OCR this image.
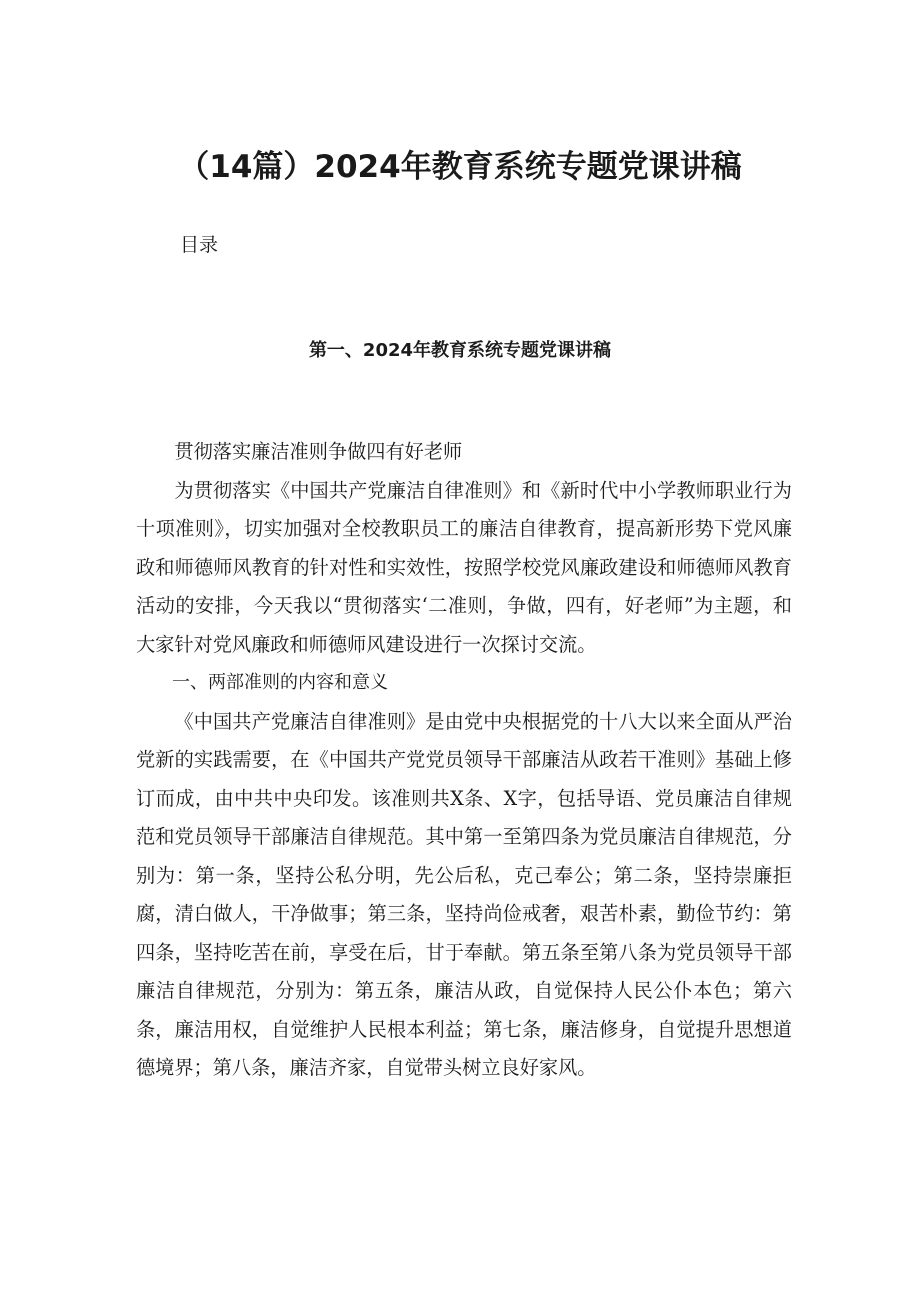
（14篇）2024年教育系统专题党课讲稿
目录
第一、2024年教育系统专题党课讲稿

贯彻落实廉洁准则争做四有好老师

为贯彻落实《中国共产党廉洁自律准则》和《新时代中小学教师职业行为十项准则》，切实加强对全校教职员工的廉洁自律教育，提高新形势下党风廉政和师德师风教育的针对性和实效性，按照学校党风廉政建设和师德师风教育活动的安排，今天我以“贯彻落实‘二准则，争做，四有，好老师”为主题，和大家针对党风廉政和师德师风建设进行一次探讨交流。

一、两部准则的内容和意义

《中国共产党廉洁自律准则》是由党中央根据党的十八大以来全面从严治党新的实践需要，在《中国共产党党员领导干部廉洁从政若干准则》基础上修订而成，由中共中央印发。该准则共X条、X字，包括导语、党员廉洁自律规范和党员领导干部廉洁自律规范。其中第一至第四条为党员廉洁自律规范，分别为：第一条，坚持公私分明，先公后私，克己奉公；第二条，坚持崇廉拒腐，清白做人，干净做事；第三条，坚持尚俭戒奢，艰苦朴素，勤俭节约：第四条，坚持吃苦在前，享受在后，甘于奉献。第五条至第八条为党员领导干部廉洁自律规范，分别为：第五条，廉洁从政，自觉保持人民公仆本色；第六条，廉洁用权，自觉维护人民根本利益；第七条，廉洁修身，自觉提升思想道德境界；第八条，廉洁齐家，自觉带头树立良好家风。
